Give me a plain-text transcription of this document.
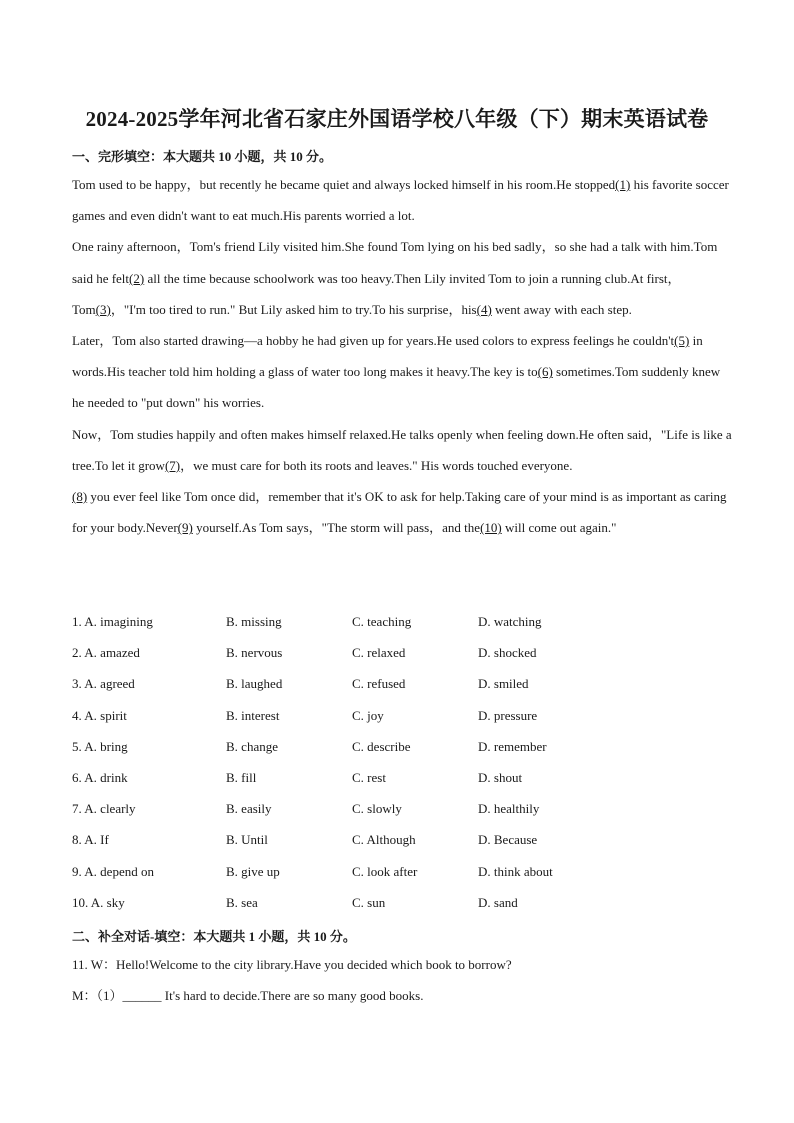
2024-2025学年河北省石家庄外国语学校八年级（下）期末英语试卷
一、完形填空：本大题共 10 小题，共 10 分。

Tom used to be happy，but recently he became quiet and always locked himself in his room.He stopped(1) his favorite soccer games and even didn't want to eat much.His parents worried a lot.

One rainy afternoon，Tom's friend Lily visited him.She found Tom lying on his bed sadly，so she had a talk with him.Tom said he felt(2) all the time because schoolwork was too heavy.Then Lily invited Tom to join a running club.At first，Tom(3)，"I'm too tired to run." But Lily asked him to try.To his surprise，his(4) went away with each step.

Later，Tom also started drawing—a hobby he had given up for years.He used colors to express feelings he couldn't(5) in words.His teacher told him holding a glass of water too long makes it heavy.The key is to(6) sometimes.Tom suddenly knew he needed to "put down" his worries.

Now，Tom studies happily and often makes himself relaxed.He talks openly when feeling down.He often said，"Life is like a tree.To let it grow(7)，we must care for both its roots and leaves." His words touched everyone.

(8) you ever feel like Tom once did，remember that it's OK to ask for help.Taking care of your mind is as important as caring for your body.Never(9) yourself.As Tom says，"The storm will pass，and the(10) will come out again."

1. A. imagining	B. missing	C. teaching	D. watching
2. A. amazed	B. nervous	C. relaxed	D. shocked
3. A. agreed	B. laughed	C. refused	D. smiled
4. A. spirit	B. interest	C. joy	D. pressure
5. A. bring	B. change	C. describe	D. remember
6. A. drink	B. fill	C. rest	D. shout
7. A. clearly	B. easily	C. slowly	D. healthily
8. A. If	B. Until	C. Although	D. Because
9. A. depend on	B. give up	C. look after	D. think about
10. A. sky	B. sea	C. sun	D. sand
二、补全对话-填空：本大题共 1 小题，共 10 分。

11. W：Hello!Welcome to the city library.Have you decided which book to borrow?

M：（1）______ It's hard to decide.There are so many good books.
